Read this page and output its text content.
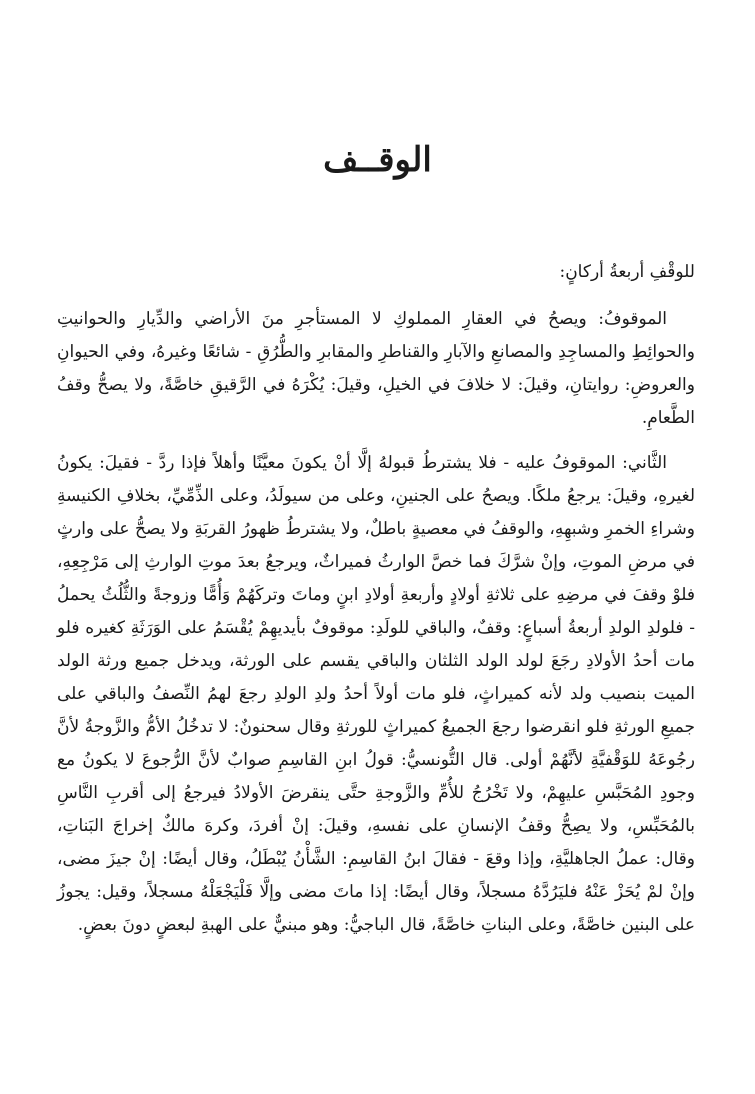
الوقــف

للوقْفِ أربعةُ أركانٍ:

الموقوفُ: ويصحُ في العقارِ المملوكِ لا المستأجرِ منَ الأراضي والدِّيارِ والحوانيتِ والحوائِطِ والمساجِدِ والمصانعِ والآبارِ والقناطرِ والمقابرِ والطُّرُقِ - شائعًا وغيرهُ، وفي الحيوانِ والعروضِ: روايتانِ، وقيلَ: لا خلافَ في الخيلِ، وقيلَ: يُكْرَهُ في الرَّقيقِ خاصَّةً، ولا يصحُّ وقفُ الطَّعامِ.

الثَّاني: الموقوفُ عليه - فلا يشترطُ قبولهُ إلَّا أنْ يكونَ معيَّنًا وأهلاً فإذا ردَّ - فقيلَ: يكونُ لغيرهِ، وقيلَ: يرجعُ ملكًا. ويصحُ على الجنينِ، وعلى من سيولَدُ، وعلى الذِّمِّيِّ، بخلافِ الكنيسةِ وشراءِ الخمرِ وشبهِهِ، والوقفُ في معصيةٍ باطلٌ، ولا يشترطُ ظهورُ القربَةِ ولا يصحُّ على وارثٍ في مرضِ الموتِ، وإنْ شرَّكَ فما خصَّ الوارثُ فميراثٌ، ويرجعُ بعدَ موتِ الوارثِ إلى مَرْجِعِهِ، فلوْ وقفَ في مرضِهِ على ثلاثةِ أولادٍ وأربعةِ أولادِ ابنٍ وماتَ وتركَهُمْ وَأُمًّا وزوجةً والثُّلُثُ يحملُ - فلولدِ الولدِ أربعةُ أسباعٍ: وقفٌ، والباقي للولَدِ: موقوفٌ بأيديهِمْ يُقْسَمُ على الوَرَثَةِ كغيره فلو مات أحدُ الأولادِ رجَعَ لولد الولد الثلثان والباقي يقسم على الورثة، ويدخل جميع ورثة الولد الميت بنصيب ولد لأنه كميراثٍ، فلو مات أولاً أحدُ ولدِ الولدِ رجعَ لهمُ النِّصفُ والباقي على جميعِ الورثةِ فلو انقرضوا رجعَ الجميعُ كميراثٍ للورثةِ وقال سحنونٌ: لا تدخُلُ الأمُّ والزَّوجةُ لأنَّ رجُوعَهُ للوَقْفيَّةِ لأنَّهُمْ أولى. قال التُّونسيُّ: قولُ ابنِ القاسِمِ صوابٌ لأنَّ الرُّجوعَ لا يكونُ مع وجودِ المُحَبَّسِ عليهِمْ، ولا تَخْرُجُ للأُمِّ والزَّوجةِ حتَّى ينقرضَ الأولادُ فيرجعُ إلى أقربِ النَّاسِ بالمُحَبِّسِ، ولا يصِحُّ وقفُ الإنسانِ على نفسهِ، وقيلَ: إنْ أفردَ، وكرهَ مالكٌ إخراجَ البَناتِ، وقال: عملُ الجاهليَّةِ، وإذا وقعَ - فقالَ ابنُ القاسِمِ: الشَّأْنُ يُبْطَلُ، وقال أيضًا: إنْ جيزَ مضى، وإنْ لمْ يُحَزْ عَنْهُ فليَرُدَّهُ مسجلاً، وقال أيضًا: إذا ماتَ مضى وإلَّا فَلْيَجْعَلْهُ مسجلاً، وقيل: يجوزُ على البنين خاصَّةً، وعلى البناتِ خاصَّةً، قال الباجيُّ: وهو مبنيٌّ على الهبةِ لبعضٍ دونَ بعضٍ.
